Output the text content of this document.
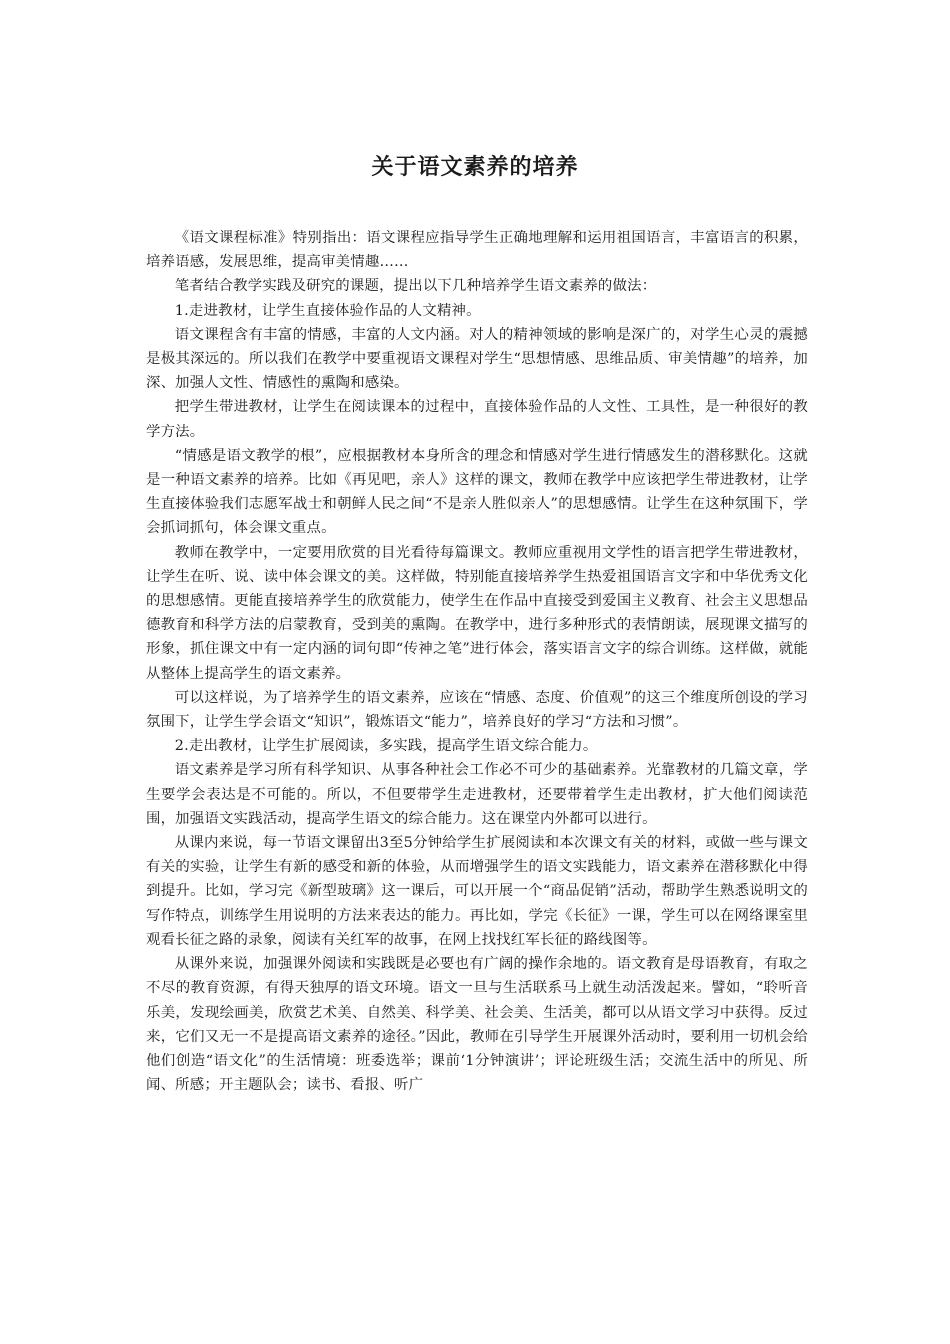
关于语文素养的培养

《语文课程标准》特别指出：语文课程应指导学生正确地理解和运用祖国语言，丰富语言的积累，培养语感，发展思维，提高审美情趣……

笔者结合教学实践及研究的课题，提出以下几种培养学生语文素养的做法：

1.走进教材，让学生直接体验作品的人文精神。

语文课程含有丰富的情感，丰富的人文内涵。对人的精神领域的影响是深广的，对学生心灵的震撼是极其深远的。所以我们在教学中要重视语文课程对学生“思想情感、思维品质、审美情趣”的培养，加深、加强人文性、情感性的熏陶和感染。

把学生带进教材，让学生在阅读课本的过程中，直接体验作品的人文性、工具性，是一种很好的教学方法。

“情感是语文教学的根”，应根据教材本身所含的理念和情感对学生进行情感发生的潜移默化。这就是一种语文素养的培养。比如《再见吧，亲人》这样的课文，教师在教学中应该把学生带进教材，让学生直接体验我们志愿军战士和朝鲜人民之间“不是亲人胜似亲人”的思想感情。让学生在这种氛围下，学会抓词抓句，体会课文重点。

教师在教学中，一定要用欣赏的目光看待每篇课文。教师应重视用文学性的语言把学生带进教材，让学生在听、说、读中体会课文的美。这样做，特别能直接培养学生热爱祖国语言文字和中华优秀文化的思想感情。更能直接培养学生的欣赏能力，使学生在作品中直接受到爱国主义教育、社会主义思想品德教育和科学方法的启蒙教育，受到美的熏陶。在教学中，进行多种形式的表情朗读，展现课文描写的形象，抓住课文中有一定内涵的词句即“传神之笔”进行体会，落实语言文字的综合训练。这样做，就能从整体上提高学生的语文素养。

可以这样说，为了培养学生的语文素养，应该在“情感、态度、价值观”的这三个维度所创设的学习氛围下，让学生学会语文“知识”，锻炼语文“能力”，培养良好的学习“方法和习惯”。

2.走出教材，让学生扩展阅读，多实践，提高学生语文综合能力。

语文素养是学习所有科学知识、从事各种社会工作必不可少的基础素养。光靠教材的几篇文章，学生要学会表达是不可能的。所以，不但要带学生走进教材，还要带着学生走出教材，扩大他们阅读范围，加强语文实践活动，提高学生语文的综合能力。这在课堂内外都可以进行。

从课内来说，每一节语文课留出3至5分钟给学生扩展阅读和本次课文有关的材料，或做一些与课文有关的实验，让学生有新的感受和新的体验，从而增强学生的语文实践能力，语文素养在潜移默化中得到提升。比如，学习完《新型玻璃》这一课后，可以开展一个“商品促销”活动，帮助学生熟悉说明文的写作特点，训练学生用说明的方法来表达的能力。再比如，学完《长征》一课，学生可以在网络课室里观看长征之路的录象，阅读有关红军的故事，在网上找找红军长征的路线图等。

从课外来说，加强课外阅读和实践既是必要也有广阔的操作余地的。语文教育是母语教育，有取之不尽的教育资源，有得天独厚的语文环境。语文一旦与生活联系马上就生动活泼起来。譬如，“聆听音乐美，发现绘画美，欣赏艺术美、自然美、科学美、社会美、生活美，都可以从语文学习中获得。反过来，它们又无一不是提高语文素养的途径。”因此，教师在引导学生开展课外活动时，要利用一切机会给他们创造“语文化”的生活情境：班委选举；课前‘1分钟演讲’；评论班级生活；交流生活中的所见、所闻、所感；开主题队会；读书、看报、听广
